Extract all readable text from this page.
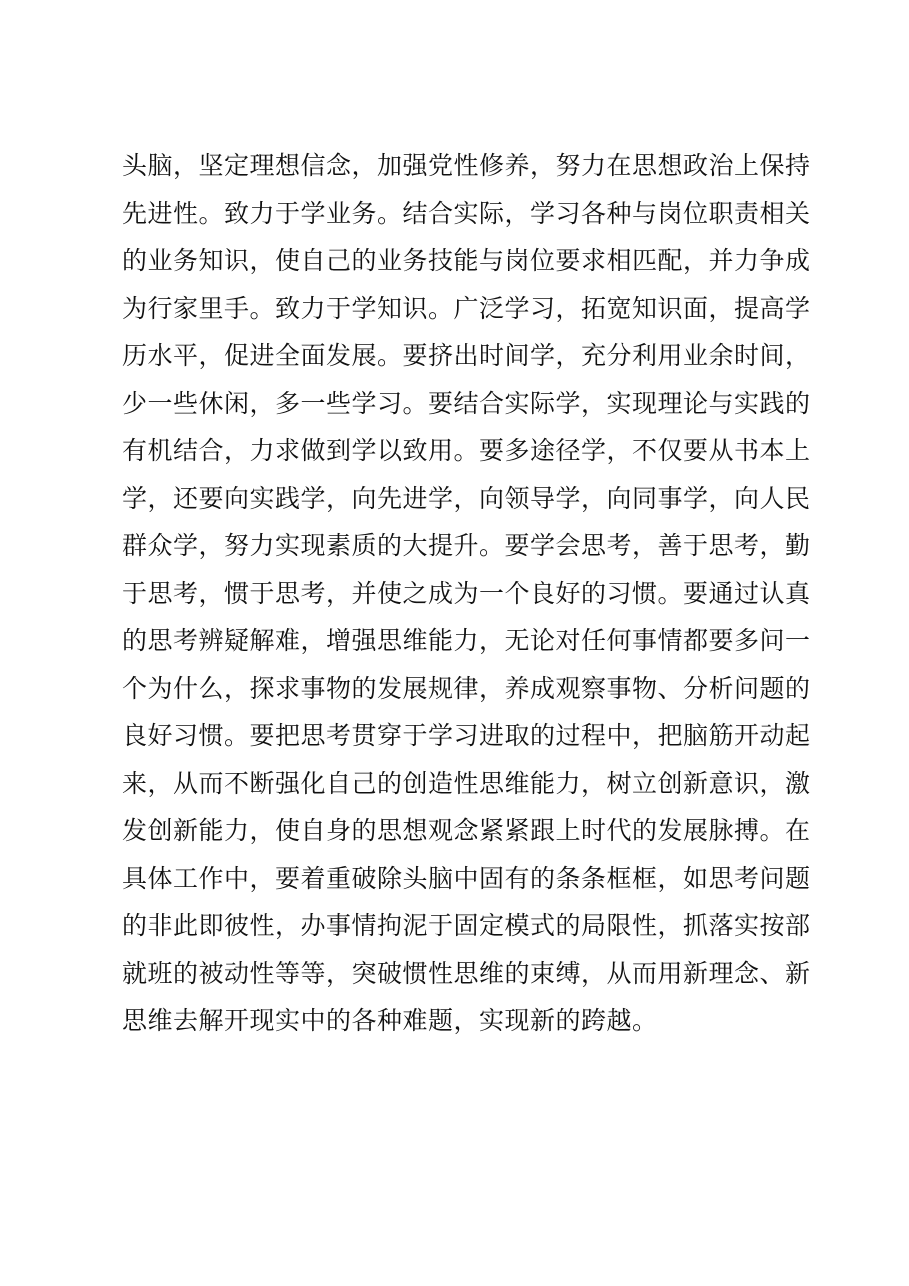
头脑，坚定理想信念，加强党性修养，努力在思想政治上保持
先进性。致力于学业务。结合实际，学习各种与岗位职责相关
的业务知识，使自己的业务技能与岗位要求相匹配，并力争成
为行家里手。致力于学知识。广泛学习，拓宽知识面，提高学
历水平，促进全面发展。要挤出时间学，充分利用业余时间，
少一些休闲，多一些学习。要结合实际学，实现理论与实践的
有机结合，力求做到学以致用。要多途径学，不仅要从书本上
学，还要向实践学，向先进学，向领导学，向同事学，向人民
群众学，努力实现素质的大提升。要学会思考，善于思考，勤
于思考，惯于思考，并使之成为一个良好的习惯。要通过认真
的思考辨疑解难，增强思维能力，无论对任何事情都要多问一
个为什么，探求事物的发展规律，养成观察事物、分析问题的
良好习惯。要把思考贯穿于学习进取的过程中，把脑筋开动起
来，从而不断强化自己的创造性思维能力，树立创新意识，激
发创新能力，使自身的思想观念紧紧跟上时代的发展脉搏。在
具体工作中，要着重破除头脑中固有的条条框框，如思考问题
的非此即彼性，办事情拘泥于固定模式的局限性，抓落实按部
就班的被动性等等，突破惯性思维的束缚，从而用新理念、新
思维去解开现实中的各种难题，实现新的跨越。
